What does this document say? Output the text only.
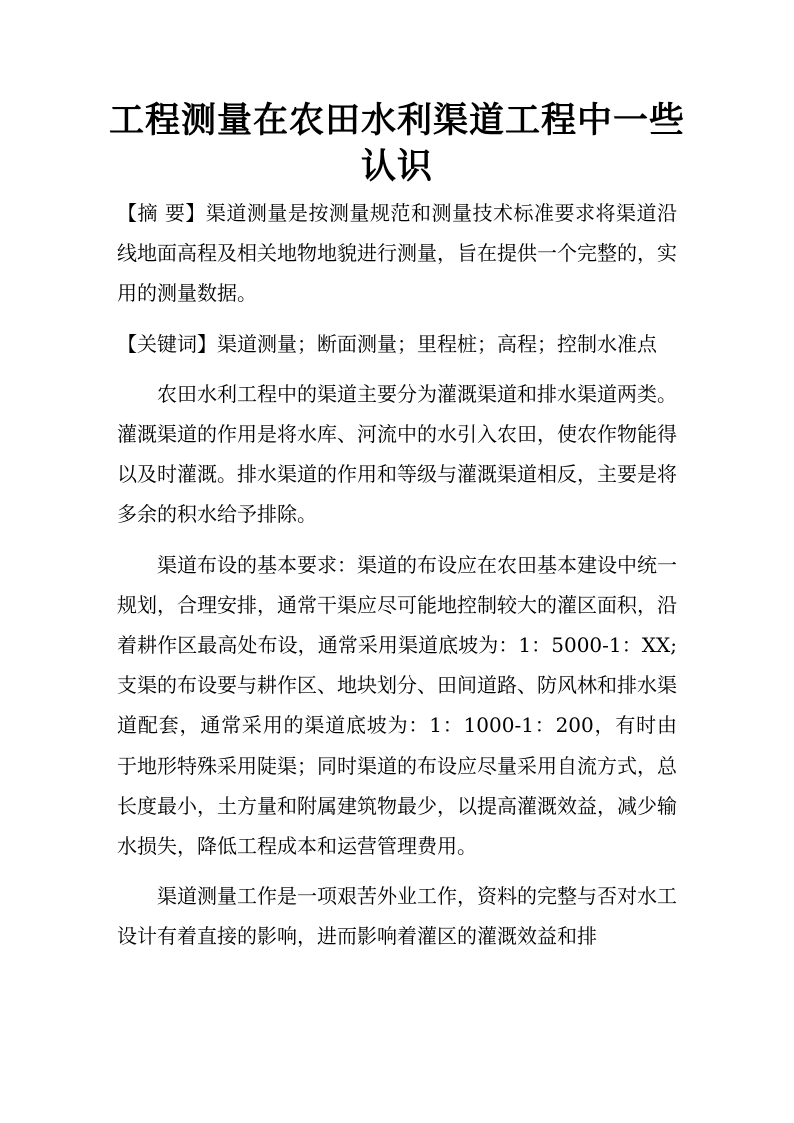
工程测量在农田水利渠道工程中一些认识

【摘 要】渠道测量是按测量规范和测量技术标准要求将渠道沿线地面高程及相关地物地貌进行测量，旨在提供一个完整的，实用的测量数据。

【关键词】渠道测量；断面测量；里程桩；高程；控制水准点

农田水利工程中的渠道主要分为灌溉渠道和排水渠道两类。灌溉渠道的作用是将水库、河流中的水引入农田，使农作物能得以及时灌溉。排水渠道的作用和等级与灌溉渠道相反，主要是将多余的积水给予排除。

渠道布设的基本要求：渠道的布设应在农田基本建设中统一规划，合理安排，通常干渠应尽可能地控制较大的灌区面积，沿着耕作区最高处布设，通常采用渠道底坡为：1：5000-1：XX;支渠的布设要与耕作区、地块划分、田间道路、防风林和排水渠道配套，通常采用的渠道底坡为：1：1000-1：200，有时由于地形特殊采用陡渠；同时渠道的布设应尽量采用自流方式，总长度最小，土方量和附属建筑物最少，以提高灌溉效益，减少输水损失，降低工程成本和运营管理费用。

渠道测量工作是一项艰苦外业工作，资料的完整与否对水工设计有着直接的影响，进而影响着灌区的灌溉效益和排
